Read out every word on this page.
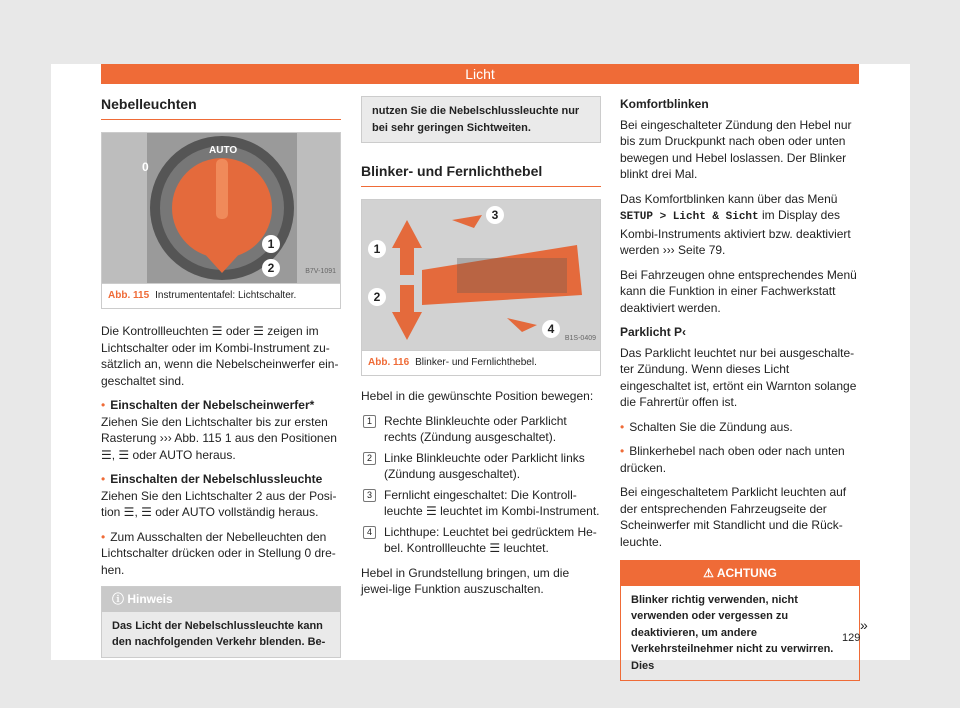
Licht
Nebelleuchten
0
AUTO
1
2	B7V-1091
Abb. 115 Instrumententafel: Lichtschalter.

Die Kontrollleuchten ☰ oder ☰ zeigen im Lichtschalter oder im Kombi-Instrument zu-sätzlich an, wenn die Nebelscheinwerfer ein-geschaltet sind.

• Einschalten der Nebelscheinwerfer* Ziehen Sie den Lichtschalter bis zur ersten Rasterung ››› Abb. 115 1 aus den Positionen ☰, ☰ oder AUTO heraus.

• Einschalten der Nebelschlussleuchte Ziehen Sie den Lichtschalter 2 aus der Posi-tion ☰, ☰ oder AUTO vollständig heraus.

• Zum Ausschalten der Nebelleuchten den Lichtschalter drücken oder in Stellung 0 dre-hen.

ⓘ Hinweis
Das Licht der Nebelschlussleuchte kann den nachfolgenden Verkehr blenden. Be-
nutzen Sie die Nebelschlussleuchte nur bei sehr geringen Sichtweiten.
Blinker- und Fernlichthebel
1
2
3
4
B1S-0409
Abb. 116 Blinker- und Fernlichthebel.

Hebel in die gewünschte Position bewegen:

1	Rechte Blinkleuchte oder Parklicht rechts (Zündung ausgeschaltet).
2	Linke Blinkleuchte oder Parklicht links (Zündung ausgeschaltet).
3	Fernlicht eingeschaltet: Die Kontroll-leuchte ☰ leuchtet im Kombi-Instrument.
4	Lichthupe: Leuchtet bei gedrücktem He-bel. Kontrollleuchte ☰ leuchtet.

Hebel in Grundstellung bringen, um die jewei-lige Funktion auszuschalten.

Komfortblinken

Bei eingeschalteter Zündung den Hebel nur bis zum Druckpunkt nach oben oder unten bewegen und Hebel loslassen. Der Blinker blinkt drei Mal.

Das Komfortblinken kann über das Menü SETUP > Licht & Sicht im Display des Kombi-Instruments aktiviert bzw. deaktiviert werden ››› Seite 79.

Bei Fahrzeugen ohne entsprechendes Menü kann die Funktion in einer Fachwerkstatt deaktiviert werden.

Parklicht P‹

Das Parklicht leuchtet nur bei ausgeschalte-ter Zündung. Wenn dieses Licht eingeschaltet ist, ertönt ein Warnton solange die Fahrertür offen ist.

• Schalten Sie die Zündung aus.

• Blinkerhebel nach oben oder nach unten drücken.

Bei eingeschaltetem Parklicht leuchten auf der entsprechenden Fahrzeugseite der Scheinwerfer mit Standlicht und die Rück-leuchte.

⚠ ACHTUNG
Blinker richtig verwenden, nicht verwenden oder vergessen zu deaktivieren, um andere Verkehrsteilnehmer nicht zu verwirren. Dies
»
129
